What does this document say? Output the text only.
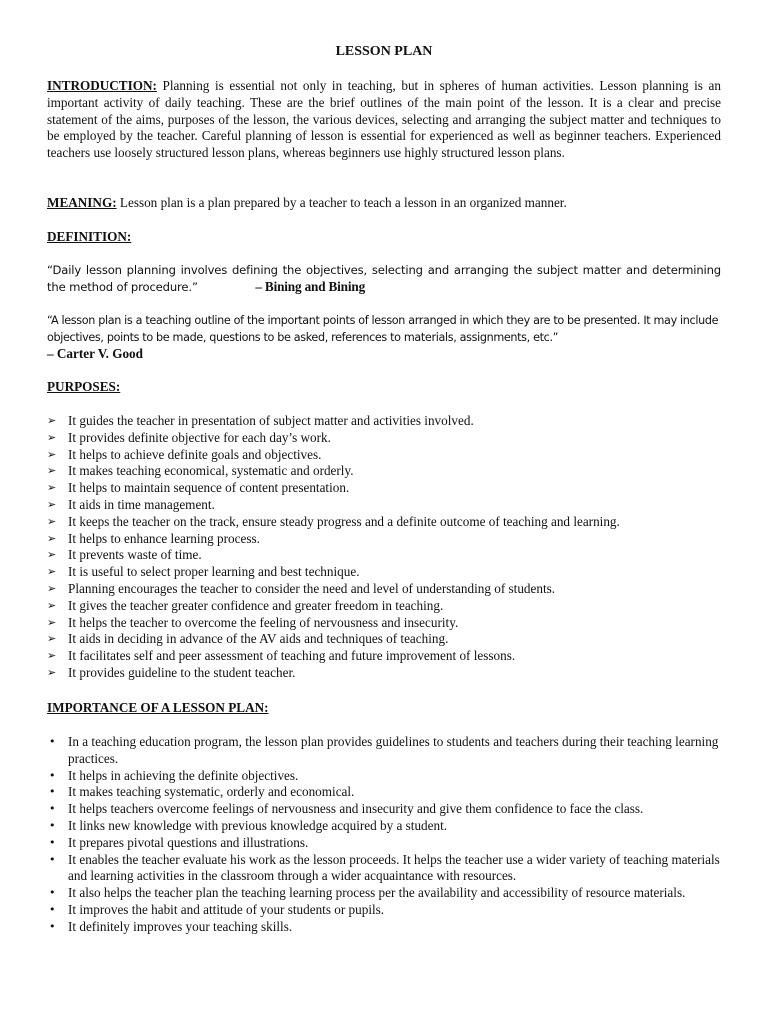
LESSON PLAN
INTRODUCTION: Planning is essential not only in teaching, but in spheres of human activities. Lesson planning is an important activity of daily teaching. These are the brief outlines of the main point of the lesson. It is a clear and precise statement of the aims, purposes of the lesson, the various devices, selecting and arranging the subject matter and techniques to be employed by the teacher. Careful planning of lesson is essential for experienced as well as beginner teachers. Experienced teachers use loosely structured lesson plans, whereas beginners use highly structured lesson plans.
MEANING: Lesson plan is a plan prepared by a teacher to teach a lesson in an organized manner.
DEFINITION:
“Daily lesson planning involves defining the objectives, selecting and arranging the subject matter and determining the method of procedure.”	– Bining and Bining
“A lesson plan is a teaching outline of the important points of lesson arranged in which they are to be presented. It may include objectives, points to be made, questions to be asked, references to materials, assignments, etc.”
– Carter V. Good
PURPOSES:
➢ It guides the teacher in presentation of subject matter and activities involved.
➢ It provides definite objective for each day’s work.
➢ It helps to achieve definite goals and objectives.
➢ It makes teaching economical, systematic and orderly.
➢ It helps to maintain sequence of content presentation.
➢ It aids in time management.
➢ It keeps the teacher on the track, ensure steady progress and a definite outcome of teaching and learning.
➢ It helps to enhance learning process.
➢ It prevents waste of time.
➢ It is useful to select proper learning and best technique.
➢ Planning encourages the teacher to consider the need and level of understanding of students.
➢ It gives the teacher greater confidence and greater freedom in teaching.
➢ It helps the teacher to overcome the feeling of nervousness and insecurity.
➢ It aids in deciding in advance of the AV aids and techniques of teaching.
➢ It facilitates self and peer assessment of teaching and future improvement of lessons.
➢ It provides guideline to the student teacher.
IMPORTANCE OF A LESSON PLAN:
• In a teaching education program, the lesson plan provides guidelines to students and teachers during their teaching learning practices.
• It helps in achieving the definite objectives.
• It makes teaching systematic, orderly and economical.
• It helps teachers overcome feelings of nervousness and insecurity and give them confidence to face the class.
• It links new knowledge with previous knowledge acquired by a student.
• It prepares pivotal questions and illustrations.
• It enables the teacher evaluate his work as the lesson proceeds. It helps the teacher use a wider variety of teaching materials and learning activities in the classroom through a wider acquaintance with resources.
• It also helps the teacher plan the teaching learning process per the availability and accessibility of resource materials.
• It improves the habit and attitude of your students or pupils.
• It definitely improves your teaching skills.
